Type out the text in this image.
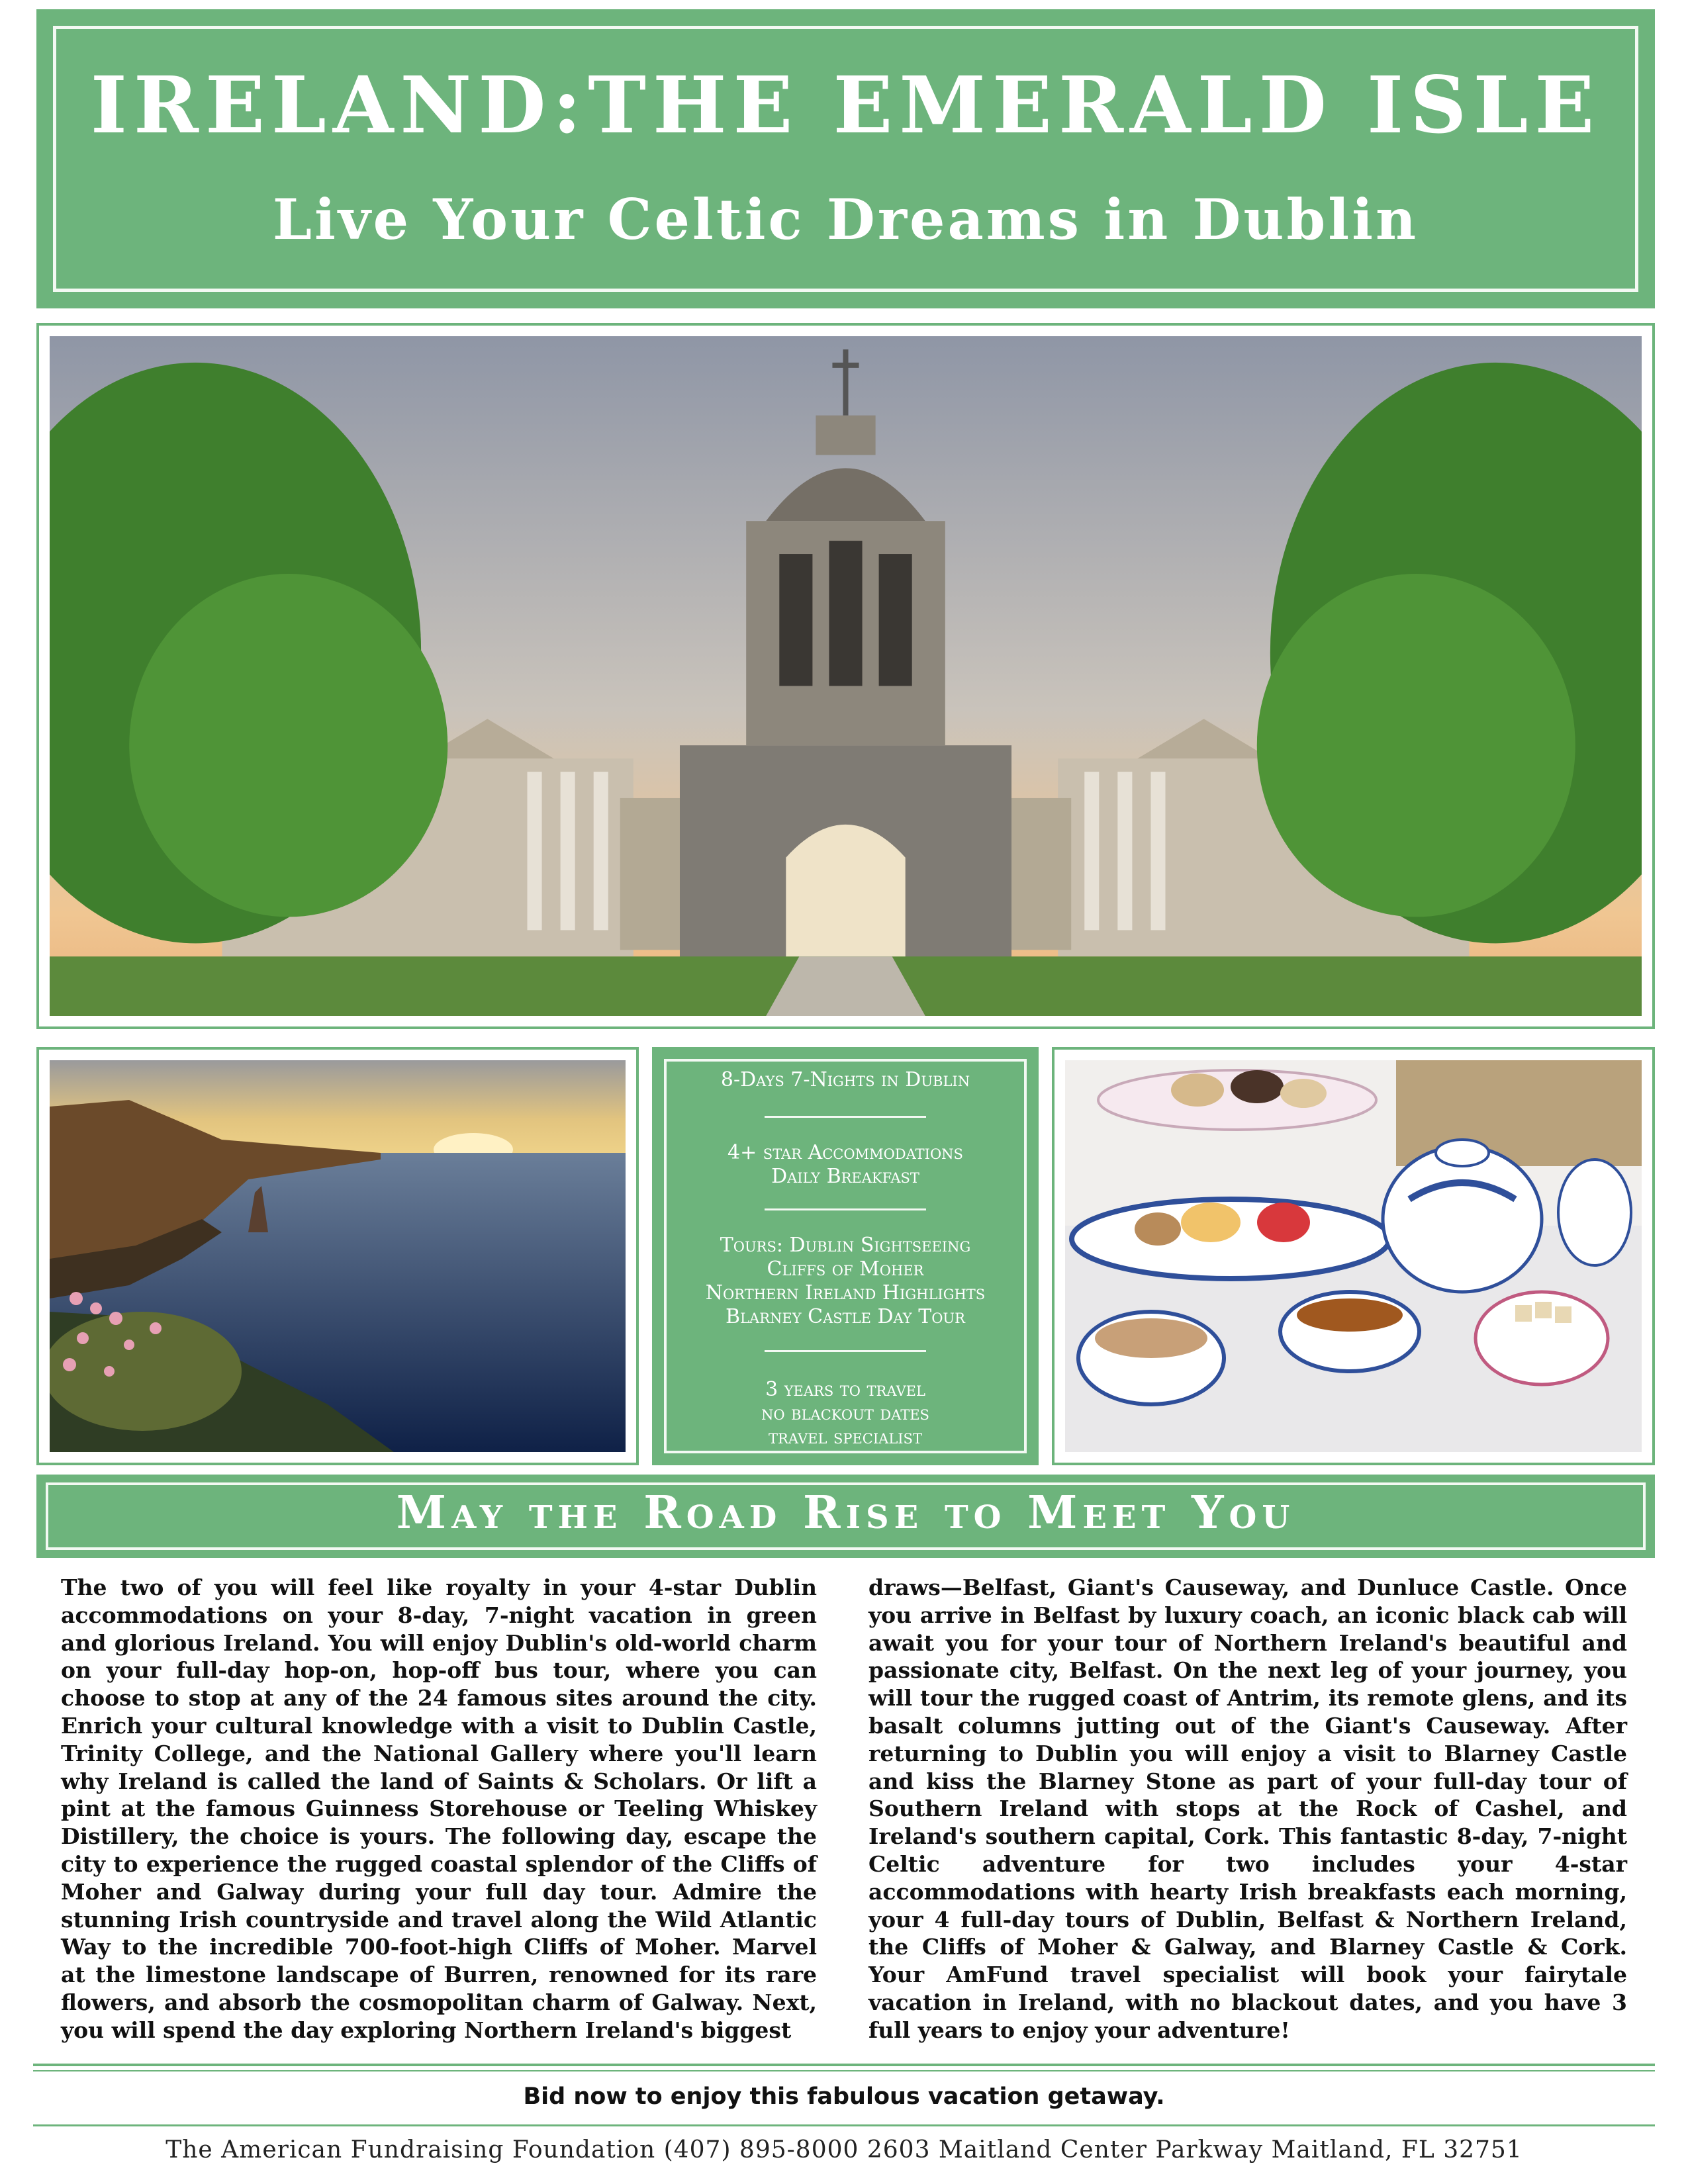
IRELAND:THE EMERALD ISLE
Live Your Celtic Dreams in Dublin
8-Days 7-Nights in Dublin
4+ star Accommodations
Daily Breakfast
Tours: Dublin Sightseeing
Cliffs of Moher
Northern Ireland Highlights
Blarney Castle Day Tour
3 years to travel
no blackout dates
travel specialist
May the Road Rise to Meet You
The two of you will feel like royalty in your 4-star Dublin accommodations on your 8-day, 7-night vacation in green and glorious Ireland. You will enjoy Dublin's old-world charm on your full-day hop-on, hop-off bus tour, where you can choose to stop at any of the 24 famous sites around the city. Enrich your cultural knowledge with a visit to Dublin Castle, Trinity College, and the National Gallery where you'll learn why Ireland is called the land of Saints & Scholars. Or lift a pint at the famous Guinness Storehouse or Teeling Whiskey Distillery, the choice is yours. The following day, escape the city to experience the rugged coastal splendor of the Cliffs of Moher and Galway during your full day tour. Admire the stunning Irish countryside and travel along the Wild Atlantic Way to the incredible 700-foot-high Cliffs of Moher. Marvel at the limestone landscape of Burren, renowned for its rare flowers, and absorb the cosmopolitan charm of Galway. Next, you will spend the day exploring Northern Ireland's biggest
draws—Belfast, Giant's Causeway, and Dunluce Castle. Once you arrive in Belfast by luxury coach, an iconic black cab will await you for your tour of Northern Ireland's beautiful and passionate city, Belfast. On the next leg of your journey, you will tour the rugged coast of Antrim, its remote glens, and its basalt columns jutting out of the Giant's Causeway. After returning to Dublin you will enjoy a visit to Blarney Castle and kiss the Blarney Stone as part of your full-day tour of Southern Ireland with stops at the Rock of Cashel, and Ireland's southern capital, Cork. This fantastic 8-day, 7-night Celtic adventure for two includes your 4-star accommodations with hearty Irish breakfasts each morning, your 4 full-day tours of Dublin, Belfast & Northern Ireland, the Cliffs of Moher & Galway, and Blarney Castle & Cork. Your AmFund travel specialist will book your fairytale vacation in Ireland, with no blackout dates, and you have 3 full years to enjoy your adventure!
Bid now to enjoy this fabulous vacation getaway.
The American Fundraising Foundation (407) 895-8000 2603 Maitland Center Parkway Maitland, FL 32751
